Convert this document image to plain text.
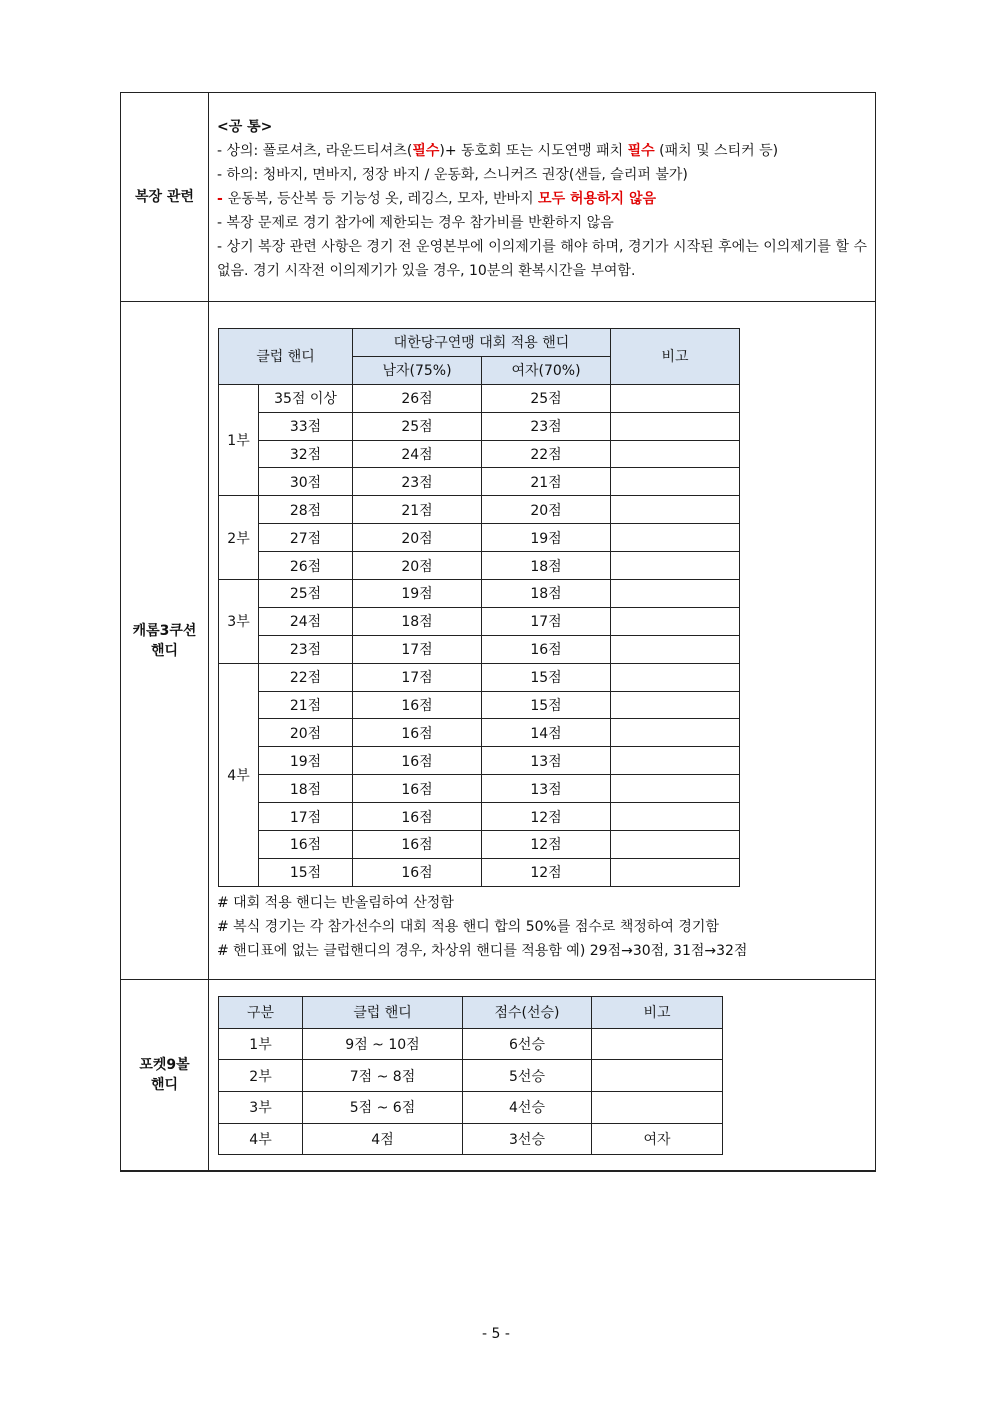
복장 관련	
<공 통>
- 상의: 폴로셔츠, 라운드티셔츠(필수)+ 동호회 또는 시도연맹 패치 필수 (패치 및 스티커 등)
- 하의: 청바지, 면바지, 정장 바지 / 운동화, 스니커즈 권장(샌들, 슬리퍼 불가)
- 운동복, 등산복 등 기능성 옷, 레깅스, 모자, 반바지 모두 허용하지 않음
- 복장 문제로 경기 참가에 제한되는 경우 참가비를 반환하지 않음
- 상기 복장 관련 사항은 경기 전 운영본부에 이의제기를 해야 하며, 경기가 시작된 후에는 이의제기를 할 수 없음. 경기 시작전 이의제기가 있을 경우, 10분의 환복시간을 부여함.

캐롬3쿠션
핸디	
클럽 핸디	대한당구연맹 대회 적용 핸디	비고
남자(75%)	여자(70%)
1부	35점 이상	26점	25점	
33점	25점	23점	
32점	24점	22점	
30점	23점	21점	
2부	28점	21점	20점	
27점	20점	19점	
26점	20점	18점	
3부	25점	19점	18점	
24점	18점	17점	
23점	17점	16점	
4부	22점	17점	15점	
21점	16점	15점	
20점	16점	14점	
19점	16점	13점	
18점	16점	13점	
17점	16점	12점	
16점	16점	12점	
15점	16점	12점	
# 대회 적용 핸디는 반올림하여 산정함
# 복식 경기는 각 참가선수의 대회 적용 핸디 합의 50%를 점수로 책정하여 경기함
# 핸디표에 없는 클럽핸디의 경우, 차상위 핸디를 적용함 예) 29점→30점, 31점→32점

포켓9볼
핸디	
구분	클럽 핸디	점수(선승)	비고
1부	9점 ~ 10점	6선승	
2부	7점 ~ 8점	5선승	
3부	5점 ~ 6점	4선승	
4부	4점	3선승	여자
- 5 -
